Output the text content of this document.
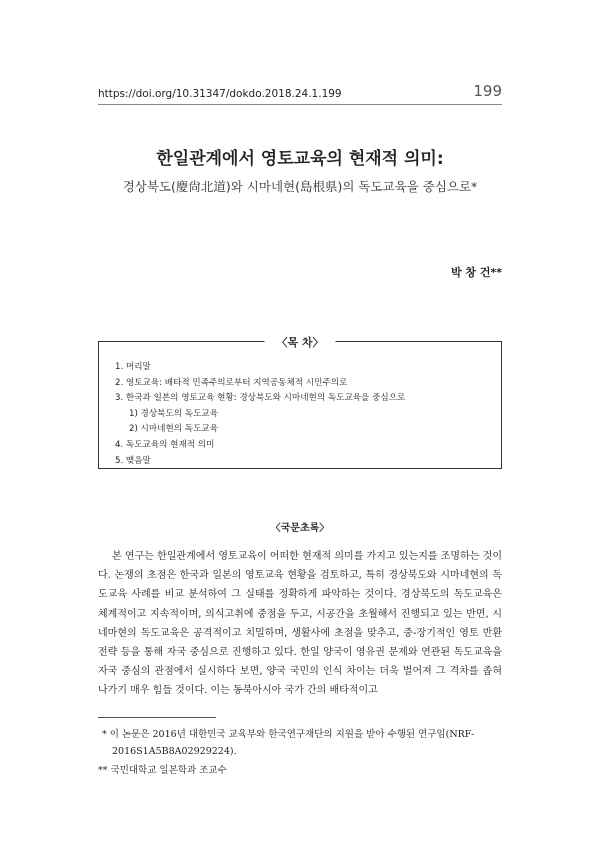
https://doi.org/10.31347/dokdo.2018.24.1.199	199
한일관계에서 영토교육의 현재적 의미:
경상북도(慶尙北道)와 시마네현(島根県)의 독도교육을 중심으로*
박 창 건**
〈목 차〉
1. 머리말
2. 영토교육: 배타적 민족주의로부터 지역공동체적 시민주의로
3. 한국과 일본의 영토교육 현황: 경상북도와 시마네현의 독도교육을 중심으로
1) 경상북도의 독도교육
2) 시마네현의 독도교육
4. 독도교육의 현재적 의미
5. 맺음말
〈국문초록〉

본 연구는 한일관계에서 영토교육이 어떠한 현재적 의미를 가지고 있는지를 조명하는 것이다. 논쟁의 초점은 한국과 일본의 영토교육 현황을 검토하고, 특히 경상북도와 시마네현의 독도교육 사례를 비교 분석하여 그 실태를 정확하게 파악하는 것이다. 경상북도의 독도교육은 체계적이고 지속적이며, 의식고취에 중점을 두고, 시공간을 초월해서 진행되고 있는 반면, 시네마현의 독도교육은 공격적이고 치밀하며, 생활사에 초점을 맞추고, 중-장기적인 영토 반환전략 등을 통해 자국 중심으로 진행하고 있다. 한일 양국이 영유권 문제와 연관된 독도교육을 자국 중심의 관점에서 실시하다 보면, 양국 국민의 인식 차이는 더욱 벌어져 그 격차를 좁혀 나가기 매우 힘들 것이다. 이는 동북아시아 국가 간의 배타적이고

* 이 논문은 2016년 대한민국 교육부와 한국연구재단의 지원을 받아 수행된 연구임(NRF-2016S1A5B8A02929224).
** 국민대학교 일본학과 조교수
